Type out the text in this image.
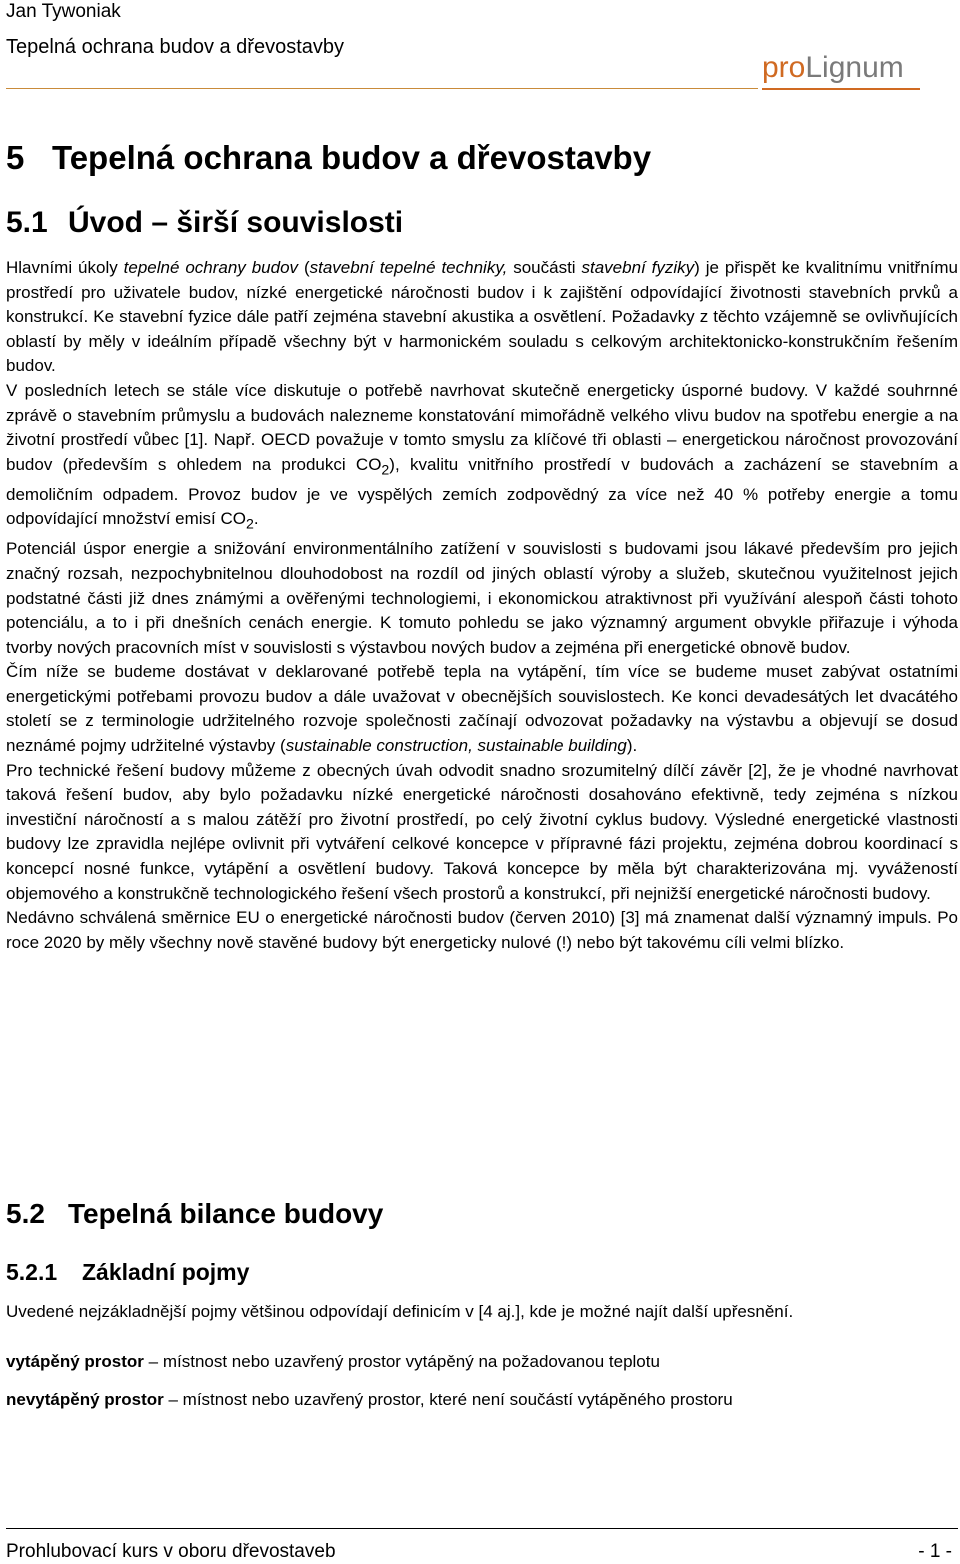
Jan Tywoniak
Tepelná ochrana budov a dřevostavby
proLignum
5 Tepelná ochrana budov a dřevostavby
5.1 Úvod – širší souvislosti

Hlavními úkoly tepelné ochrany budov (stavební tepelné techniky, součásti stavební fyziky) je přispět ke kvalitnímu vnitřnímu prostředí pro uživatele budov, nízké energetické náročnosti budov i k zajištění odpovídající životnosti stavebních prvků a konstrukcí. Ke stavební fyzice dále patří zejména stavební akustika a osvětlení. Požadavky z těchto vzájemně se ovlivňujících oblastí by měly v ideálním případě všechny být v harmonickém souladu s celkovým architektonicko-konstrukčním řešením budov.

V posledních letech se stále více diskutuje o potřebě navrhovat skutečně energeticky úsporné budovy. V každé souhrnné zprávě o stavebním průmyslu a budovách nalezneme konstatování mimořádně velkého vlivu budov na spotřebu energie a na životní prostředí vůbec [1]. Např. OECD považuje v tomto smyslu za klíčové tři oblasti – energetickou náročnost provozování budov (především s ohledem na produkci $CO_2$), kvalitu vnitřního prostředí v budovách a zacházení se stavebním a demoličním odpadem. Provoz budov je ve vyspělých zemích zodpovědný za více než 40 % potřeby energie a tomu odpovídající množství emisí $CO_2$.

Potenciál úspor energie a snižování environmentálního zatížení v souvislosti s budovami jsou lákavé především pro jejich značný rozsah, nezpochybnitelnou dlouhodobost na rozdíl od jiných oblastí výroby a služeb, skutečnou využitelnost jejich podstatné části již dnes známými a ověřenými technologiemi, i ekonomickou atraktivnost při využívání alespoň části tohoto potenciálu, a to i při dnešních cenách energie. K tomuto pohledu se jako významný argument obvykle přiřazuje i výhoda tvorby nových pracovních míst v souvislosti s výstavbou nových budov a zejména při energetické obnově budov.

Čím níže se budeme dostávat v deklarované potřebě tepla na vytápění, tím více se budeme muset zabývat ostatními energetickými potřebami provozu budov a dále uvažovat v obecnějších souvislostech. Ke konci devadesátých let dvacátého století se z terminologie udržitelného rozvoje společnosti začínají odvozovat požadavky na výstavbu a objevují se dosud neznámé pojmy udržitelné výstavby (sustainable construction, sustainable building).

Pro technické řešení budovy můžeme z obecných úvah odvodit snadno srozumitelný dílčí závěr [2], že je vhodné navrhovat taková řešení budov, aby bylo požadavku nízké energetické náročnosti dosahováno efektivně, tedy zejména s nízkou investiční náročností a s malou zátěží pro životní prostředí, po celý životní cyklus budovy. Výsledné energetické vlastnosti budovy lze zpravidla nejlépe ovlivnit při vytváření celkové koncepce v přípravné fázi projektu, zejména dobrou koordinací s koncepcí nosné funkce, vytápění a osvětlení budovy. Taková koncepce by měla být charakterizována mj. vyvážeností objemového a konstrukčně technologického řešení všech prostorů a konstrukcí, při nejnižší energetické náročnosti budovy.

Nedávno schválená směrnice EU o energetické náročnosti budov (červen 2010) [3] má znamenat další významný impuls. Po roce 2020 by měly všechny nově stavěné budovy být energeticky nulové (!) nebo být takovému cíli velmi blízko.

5.2 Tepelná bilance budovy
5.2.1 Základní pojmy

Uvedené nejzákladnější pojmy většinou odpovídají definicím v [4 aj.], kde je možné najít další upřesnění.

vytápěný prostor – místnost nebo uzavřený prostor vytápěný na požadovanou teplotu
nevytápěný prostor – místnost nebo uzavřený prostor, které není součástí vytápěného prostoru
Prohlubovací kurs v oboru dřevostaveb	- 1 -
